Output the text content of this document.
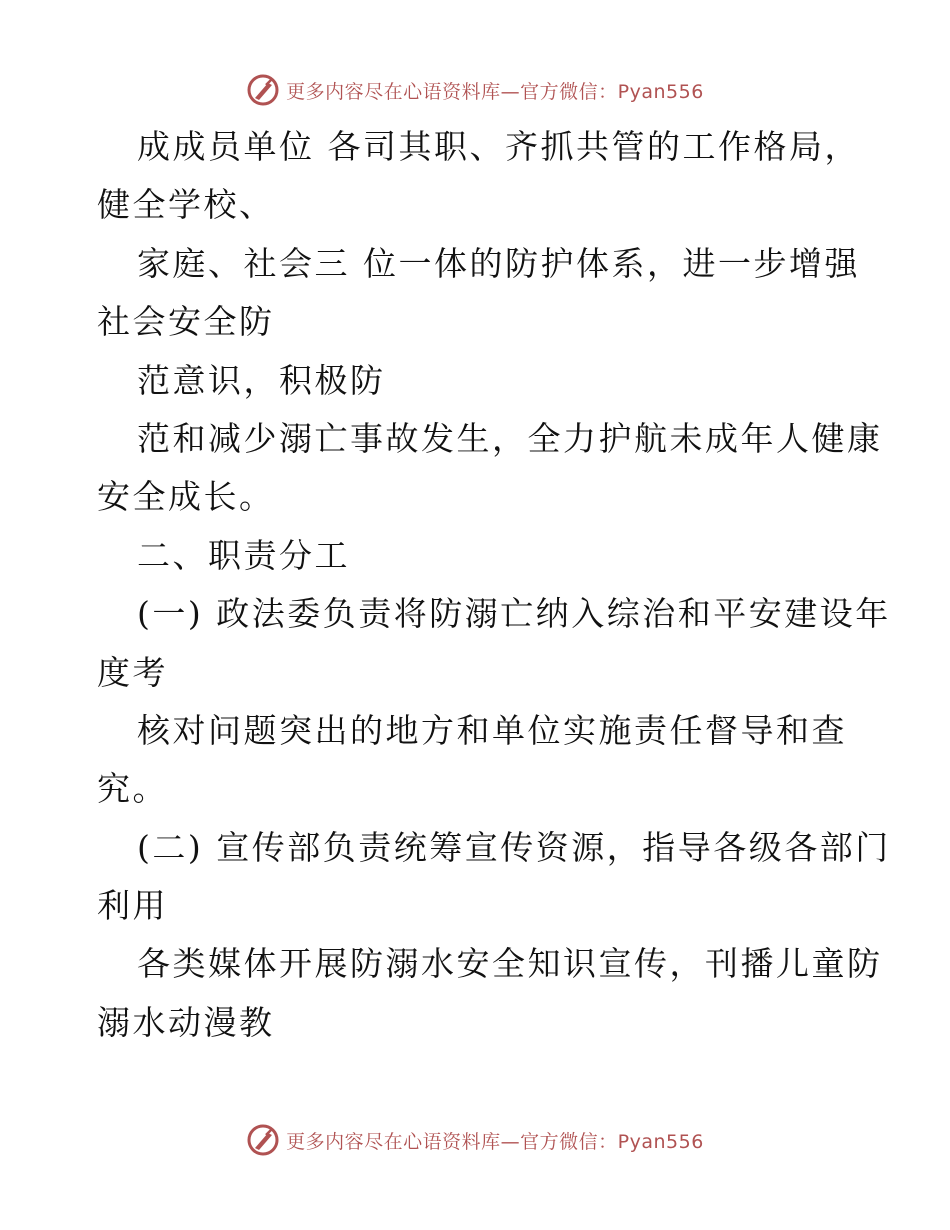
更多内容尽在心语资料库—官方微信：Pyan556
成成员单位 各司其职、齐抓共管的工作格局，
健全学校、
家庭、社会三 位一体的防护体系，进一步增强
社会安全防
范意识，积极防
范和减少溺亡事故发生，全力护航未成年人健康
安全成长。
二、职责分工
(一) 政法委负责将防溺亡纳入综治和平安建设年
度考
核对问题突出的地方和单位实施责任督导和查
究。
(二) 宣传部负责统筹宣传资源，指导各级各部门
利用
各类媒体开展防溺水安全知识宣传，刊播儿童防
溺水动漫教
更多内容尽在心语资料库—官方微信：Pyan556
